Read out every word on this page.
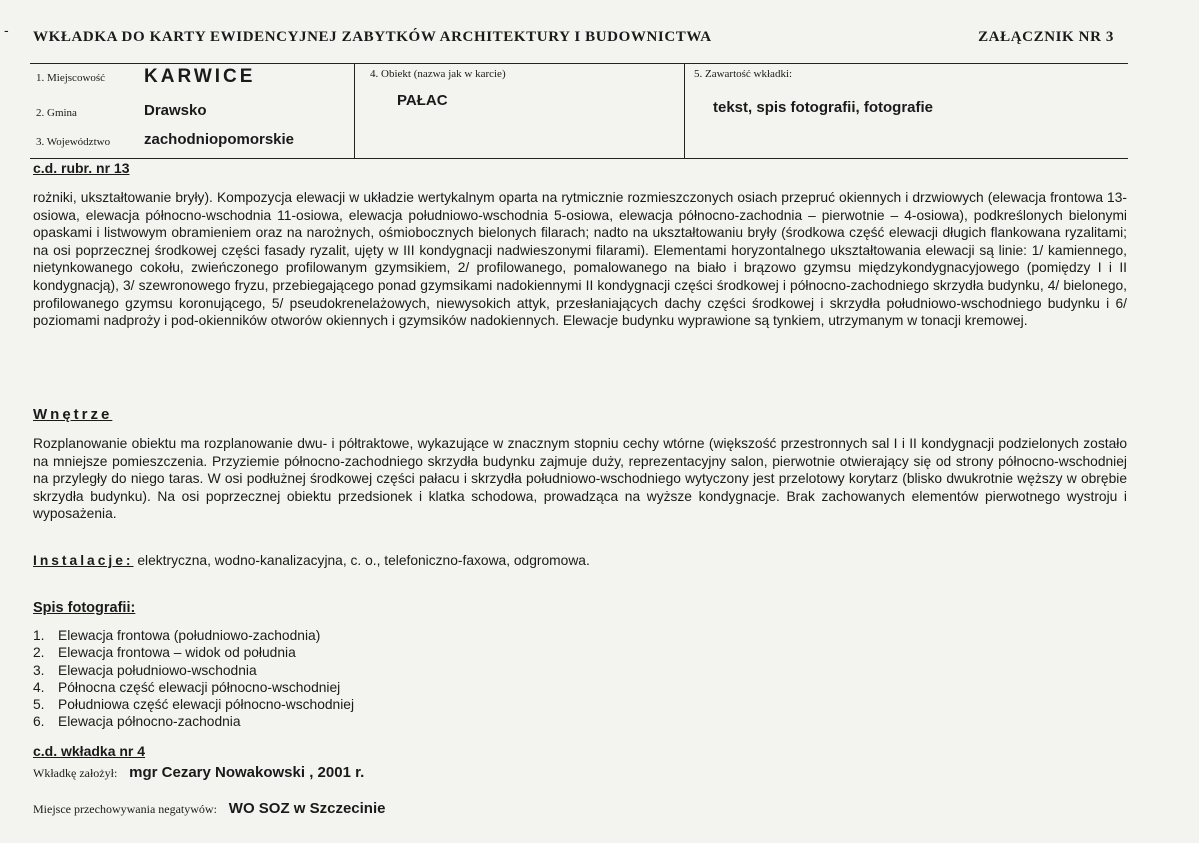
- WKŁADKA DO KARTY EWIDENCYJNEJ ZABYTKÓW ARCHITEKTURY I BUDOWNICTWA	ZAŁĄCZNIK NR 3
1. Miejscowość KARWICE
2. Gmina	Drawsko
3. Województwo zachodniopomorskie
4. Obiekt (nazwa jak w karcie)
PAŁAC
5. Zawartość wkładki:
tekst, spis fotografii, fotografie
c.d. rubr. nr 13
rożniki, ukształtowanie bryły). Kompozycja elewacji w układzie wertykalnym oparta na rytmicznie rozmieszczonych osiach przepruć okiennych i drzwiowych (elewacja frontowa 13-osiowa, elewacja północno-wschodnia 11-osiowa, elewacja południowo-wschodnia 5-osiowa, elewacja północno-zachodnia – pierwotnie – 4-osiowa), podkreślonych bielonymi opaskami i listwowym obramieniem oraz na narożnych, ośmiobocznych bielonych filarach; nadto na ukształtowaniu bryły (środkowa część elewacji długich flankowana ryzalitami; na osi poprzecznej środkowej części fasady ryzalit, ujęty w III kondygnacji nadwieszonymi filarami). Elementami horyzontalnego ukształtowania elewacji są linie: 1/ kamiennego, nietynkowanego cokołu, zwieńczonego profilowanym gzymsikiem, 2/ profilowanego, pomalowanego na biało i brązowo gzymsu międzykondygnacyjowego (pomiędzy I i II kondygnacją), 3/ szewronowego fryzu, przebiegającego ponad gzymsikami nadokiennymi II kondygnacji części środkowej i północno-zachodniego skrzydła budynku, 4/ bielonego, profilowanego gzymsu koronującego, 5/ pseudokrenelażowych, niewysokich attyk, przesłaniających dachy części środkowej i skrzydła południowo-wschodniego budynku i 6/ poziomami nadproży i pod-okienników otworów okiennych i gzymsików nadokiennych. Elewacje budynku wyprawione są tynkiem, utrzymanym w tonacji kremowej.
Wnętrze
Rozplanowanie obiektu ma rozplanowanie dwu- i półtraktowe, wykazujące w znacznym stopniu cechy wtórne (większość przestronnych sal I i II kondygnacji podzielonych zostało na mniejsze pomieszczenia. Przyziemie północno-zachodniego skrzydła budynku zajmuje duży, reprezentacyjny salon, pierwotnie otwierający się od strony północno-wschodniej na przyległy do niego taras. W osi podłużnej środkowej części pałacu i skrzydła południowo-wschodniego wytyczony jest przelotowy korytarz (blisko dwukrotnie węższy w obrębie skrzydła budynku). Na osi poprzecznej obiektu przedsionek i klatka schodowa, prowadząca na wyższe kondygnacje. Brak zachowanych elementów pierwotnego wystroju i wyposażenia.
Instalacje: elektryczna, wodno-kanalizacyjna, c. o., telefoniczno-faxowa, odgromowa.
Spis fotografii:
1. Elewacja frontowa (południowo-zachodnia)
2. Elewacja frontowa – widok od południa
3. Elewacja południowo-wschodnia
4. Północna część elewacji północno-wschodniej
5. Południowa część elewacji północno-wschodniej
6. Elewacja północno-zachodnia
c.d. wkładka nr 4
Wkładkę założył: mgr Cezary Nowakowski , 2001 r.
Miejsce przechowywania negatywów: WO SOZ w Szczecinie
